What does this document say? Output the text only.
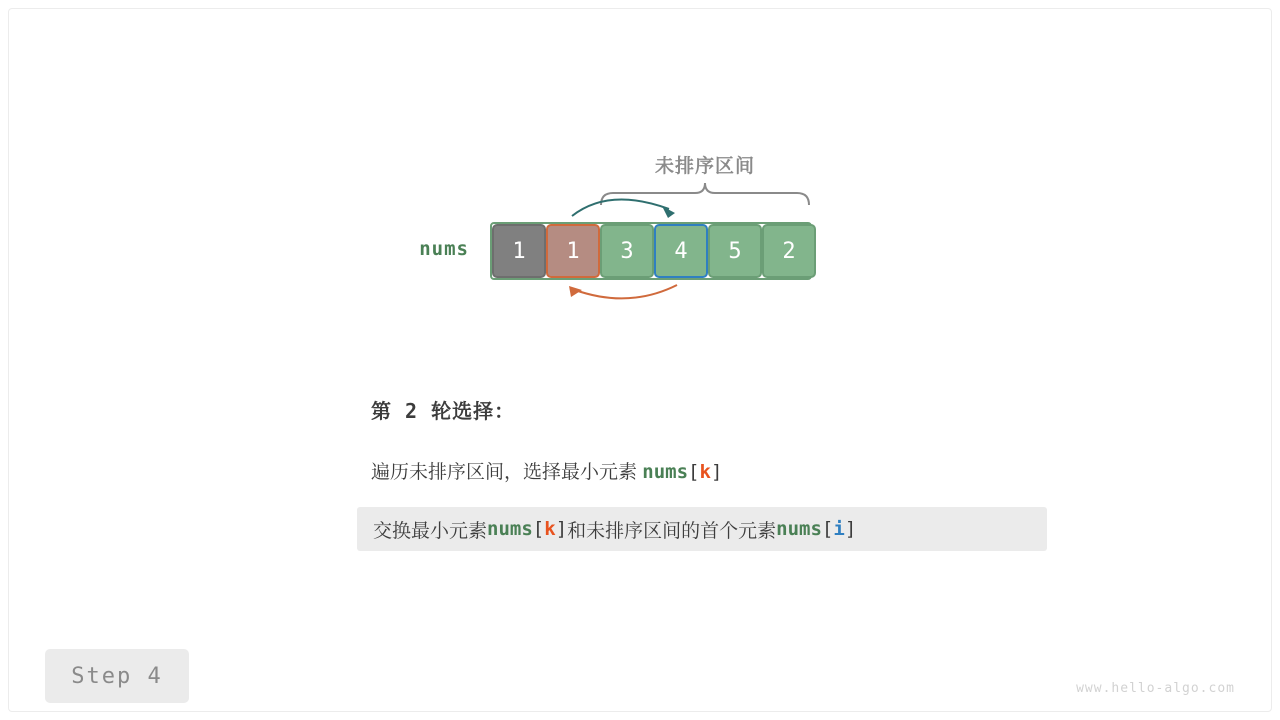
未排序区间
nums 1 1 3 4 5 2
第 2 轮选择：
遍历未排序区间，选择最小元素 nums[k]
交换最小元素 nums [ k ] 和未排序区间的首个元素 nums [ i ]
Step 4	www.hello-algo.com
